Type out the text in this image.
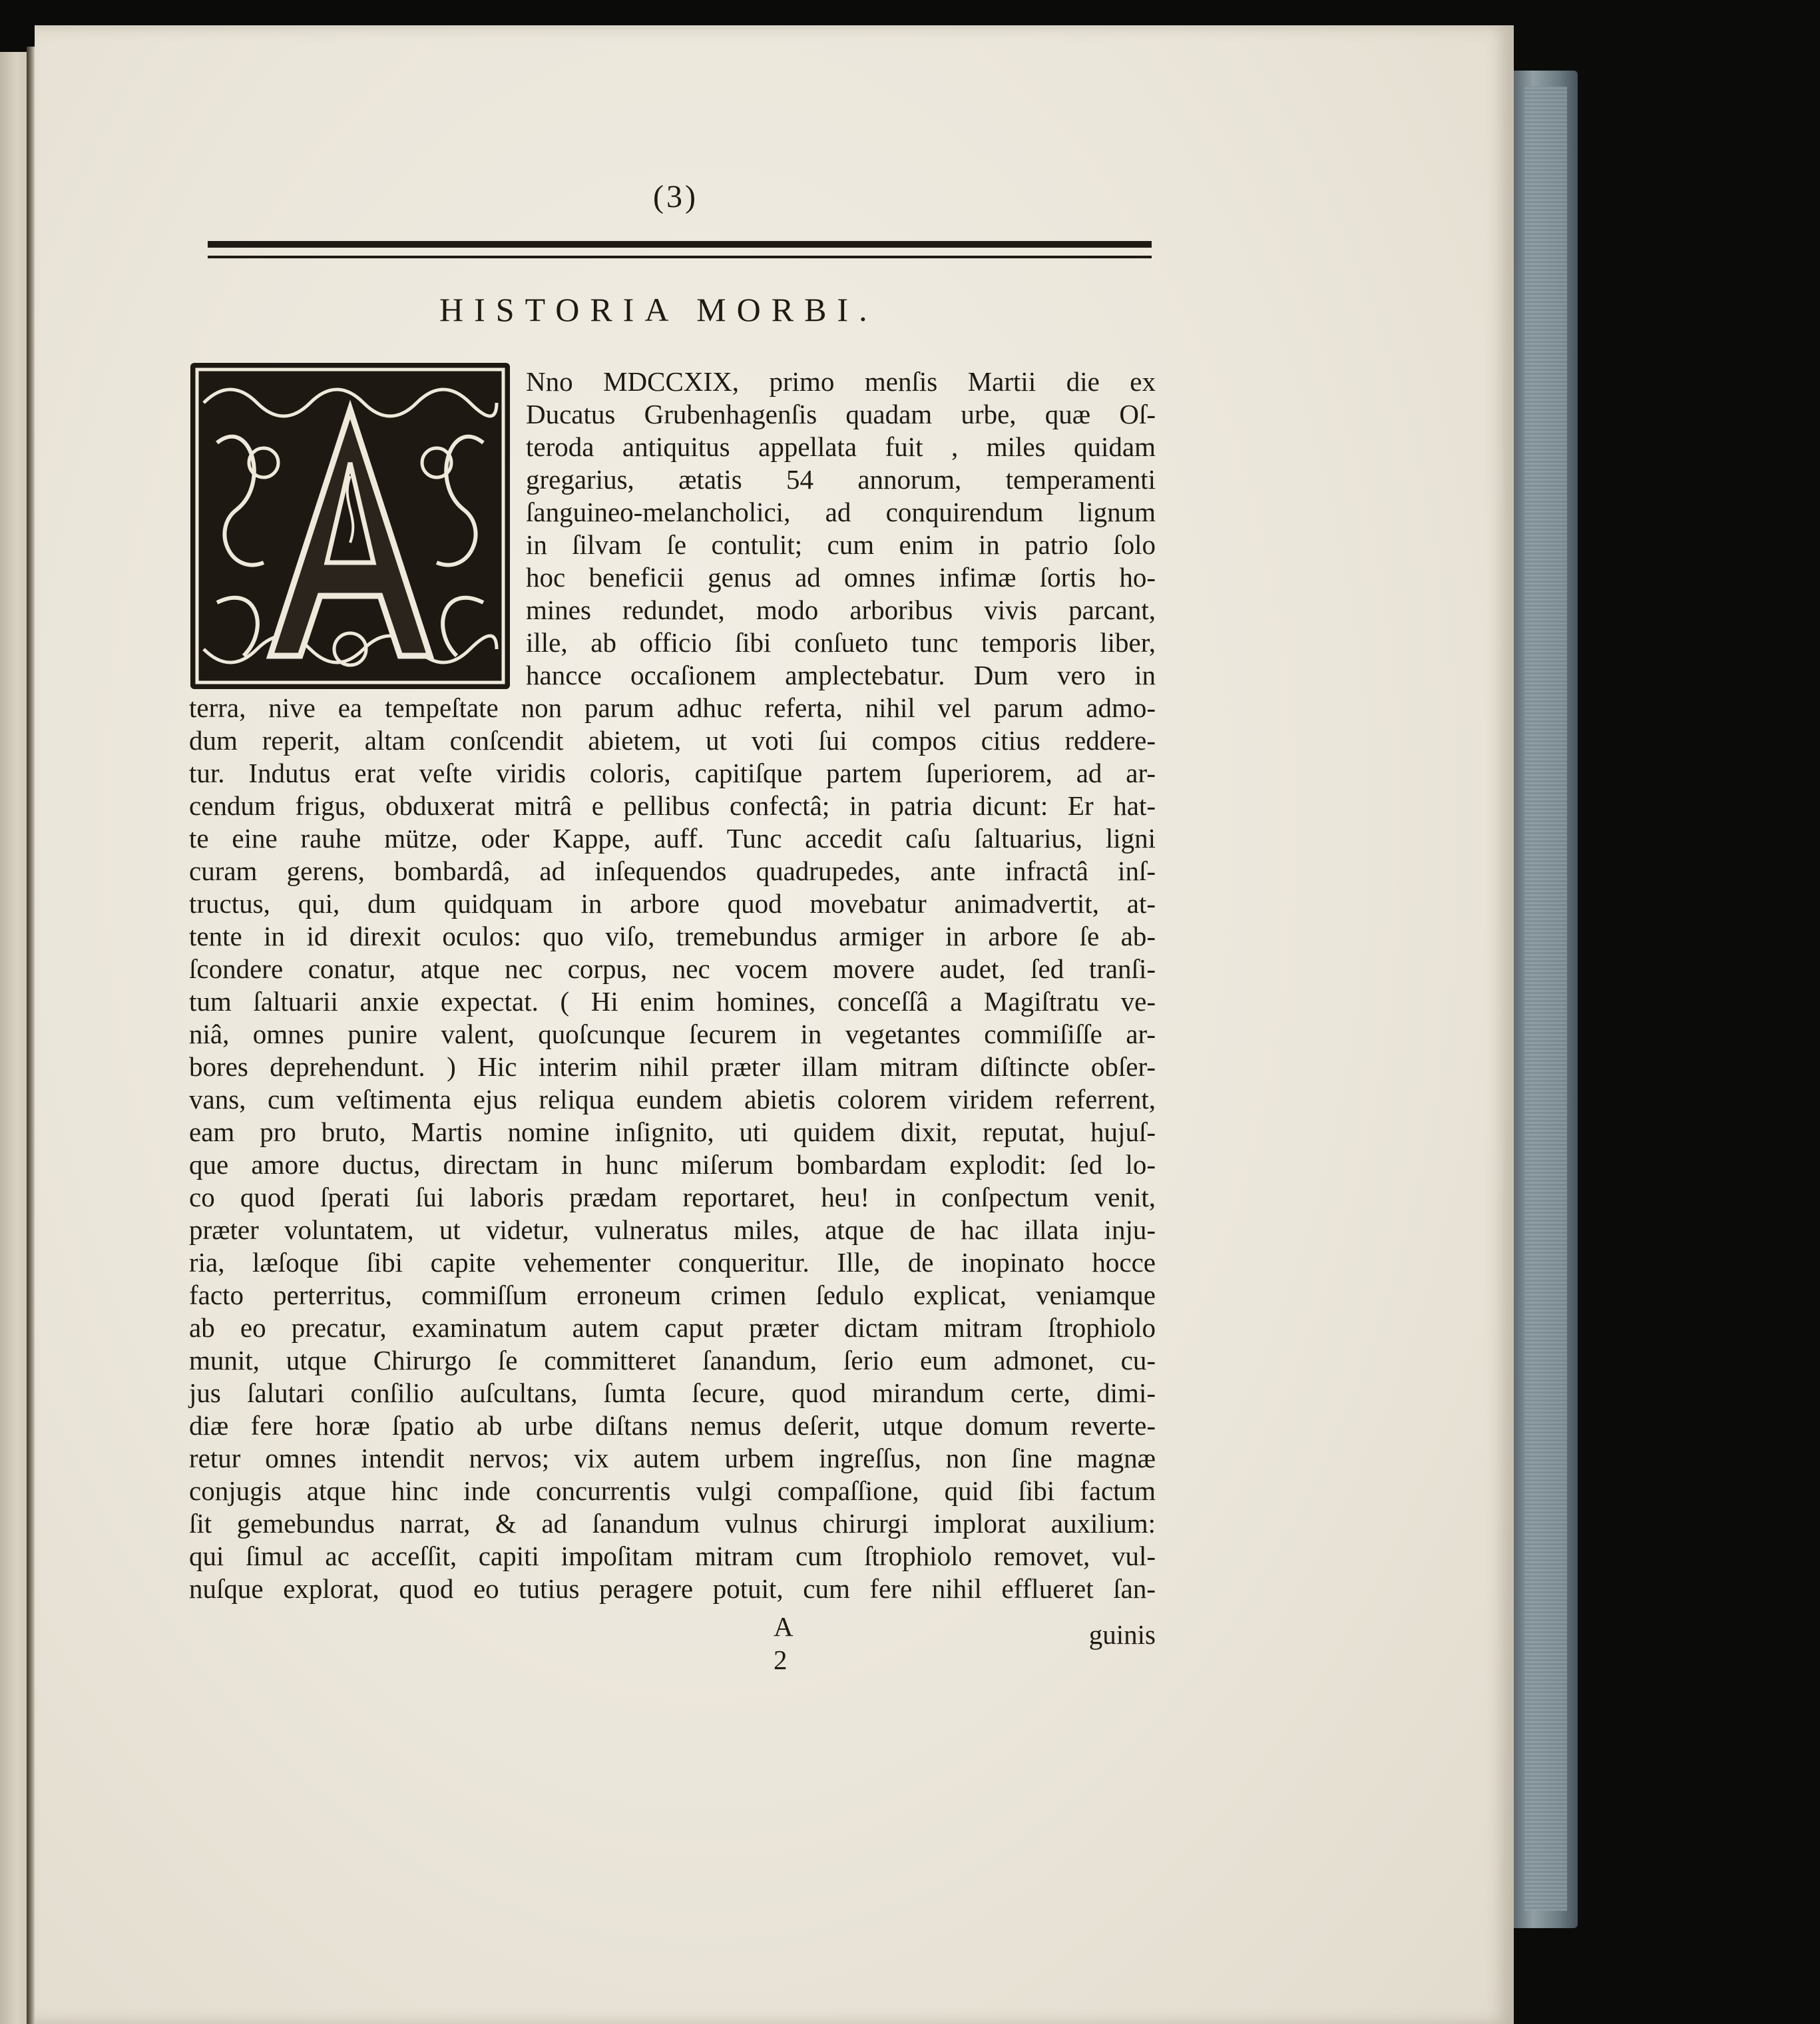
(3)
HISTORIA MORBI.
Nno MDCCXIX, primo menſis Martii die ex
Ducatus Grubenhagenſis quadam urbe, quæ Oſ-
teroda antiquitus appellata fuit , miles quidam
gregarius, ætatis 54 annorum, temperamenti
ſanguineo-melancholici, ad conquirendum lignum
in ſilvam ſe contulit; cum enim in patrio ſolo
hoc beneficii genus ad omnes infimæ ſortis ho-
mines redundet, modo arboribus vivis parcant,
ille, ab officio ſibi conſueto tunc temporis liber,
hancce occaſionem amplectebatur. Dum vero in
terra, nive ea tempeſtate non parum adhuc referta, nihil vel parum admo-
dum reperit, altam conſcendit abietem, ut voti ſui compos citius reddere-
tur. Indutus erat veſte viridis coloris, capitiſque partem ſuperiorem, ad ar-
cendum frigus, obduxerat mitrâ e pellibus confectâ; in patria dicunt: Er hat-
te eine rauhe mütze, oder Kappe, auff. Tunc accedit caſu ſaltuarius, ligni
curam gerens, bombardâ, ad inſequendos quadrupedes, ante infractâ inſ-
tructus, qui, dum quidquam in arbore quod movebatur animadvertit, at-
tente in id direxit oculos: quo viſo, tremebundus armiger in arbore ſe ab-
ſcondere conatur, atque nec corpus, nec vocem movere audet, ſed tranſi-
tum ſaltuarii anxie expectat. ( Hi enim homines, conceſſâ a Magiſtratu ve-
niâ, omnes punire valent, quoſcunque ſecurem in vegetantes commiſiſſe ar-
bores deprehendunt. ) Hic interim nihil præter illam mitram diſtincte obſer-
vans, cum veſtimenta ejus reliqua eundem abietis colorem viridem referrent,
eam pro bruto, Martis nomine inſignito, uti quidem dixit, reputat, hujuſ-
que amore ductus, directam in hunc miſerum bombardam explodit: ſed lo-
co quod ſperati ſui laboris prædam reportaret, heu! in conſpectum venit,
præter voluntatem, ut videtur, vulneratus miles, atque de hac illata inju-
ria, læſoque ſibi capite vehementer conqueritur. Ille, de inopinato hocce
facto perterritus, commiſſum erroneum crimen ſedulo explicat, veniamque
ab eo precatur, examinatum autem caput præter dictam mitram ſtrophiolo
munit, utque Chirurgo ſe committeret ſanandum, ſerio eum admonet, cu-
jus ſalutari conſilio auſcultans, ſumta ſecure, quod mirandum certe, dimi-
diæ fere horæ ſpatio ab urbe diſtans nemus deſerit, utque domum reverte-
retur omnes intendit nervos; vix autem urbem ingreſſus, non ſine magnæ
conjugis atque hinc inde concurrentis vulgi compaſſione, quid ſibi factum
ſit gemebundus narrat, & ad ſanandum vulnus chirurgi implorat auxilium:
qui ſimul ac acceſſit, capiti impoſitam mitram cum ſtrophiolo removet, vul-
nuſque explorat, quod eo tutius peragere potuit, cum fere nihil efflueret ſan-
A 2
guinis
